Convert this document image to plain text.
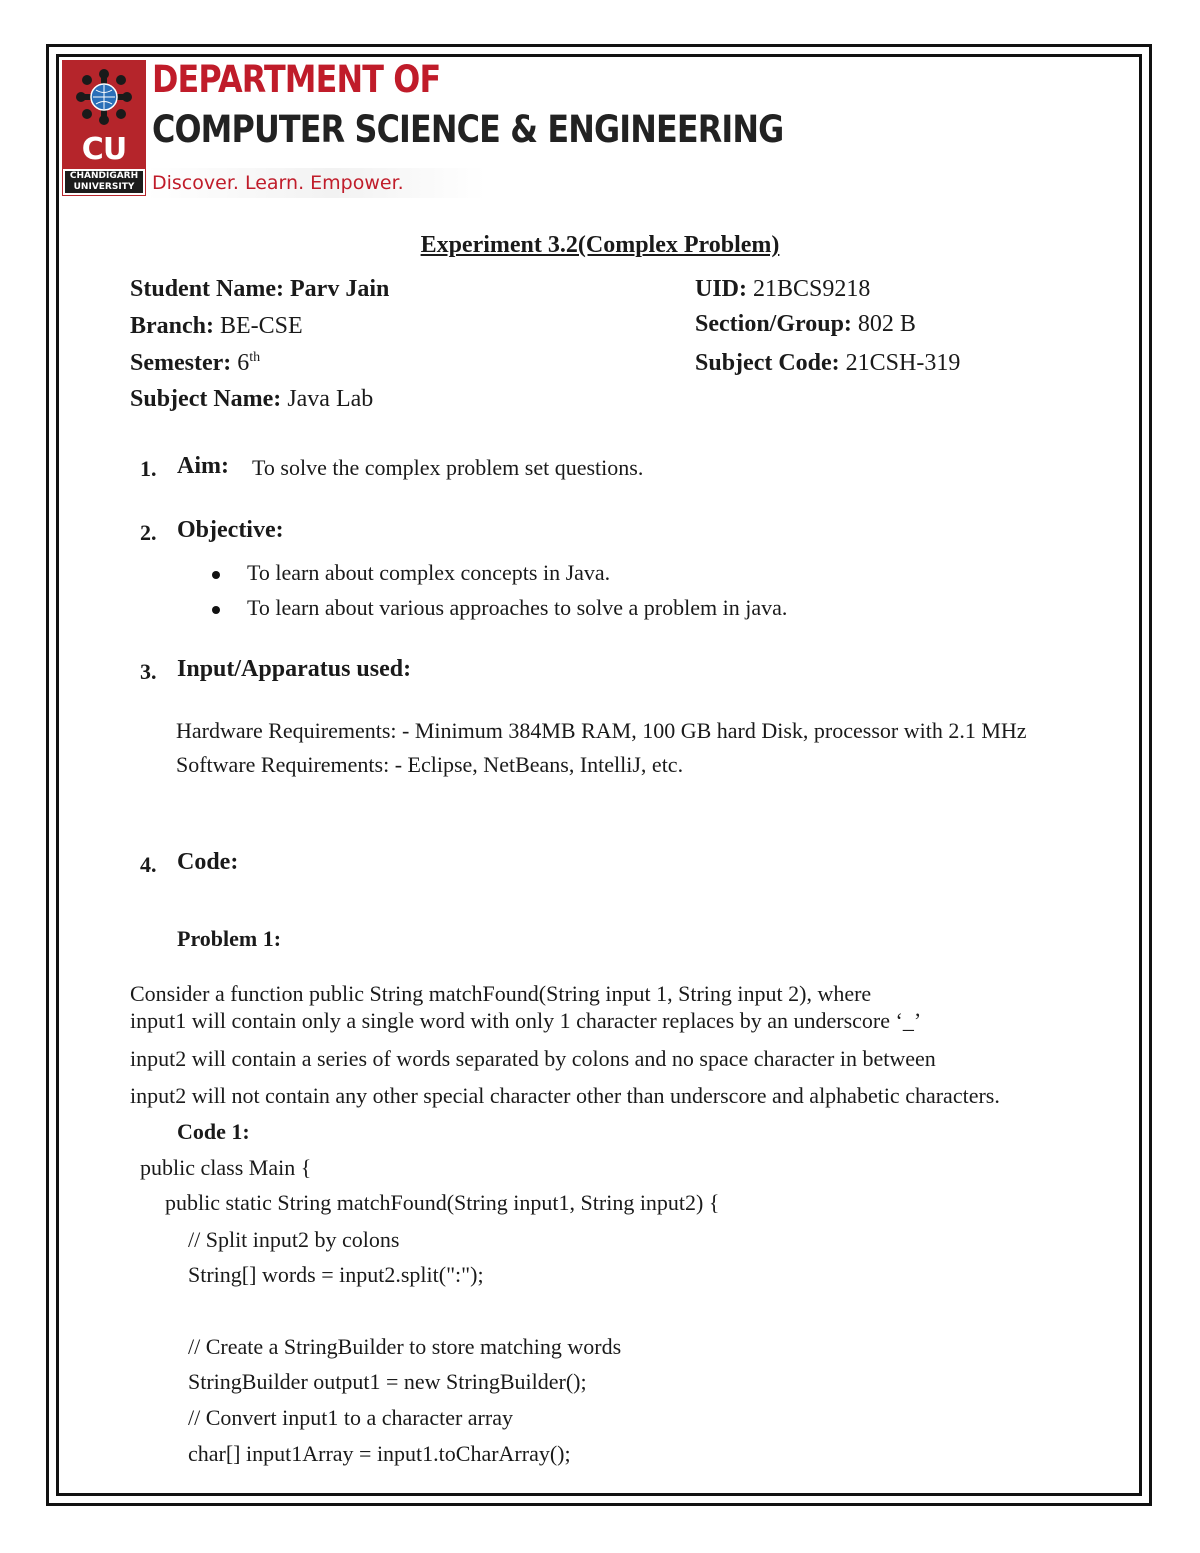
CU
CHANDIGARH
UNIVERSITY
DEPARTMENT OF
COMPUTER SCIENCE & ENGINEERING
Discover. Learn. Empower.
Experiment 3.2(Complex Problem)
Student Name: Parv Jain	UID: 21BCS9218
Branch: BE-CSE	Section/Group: 802 B
Semester: 6th	Subject Code: 21CSH-319
Subject Name: Java Lab
1. Aim: To solve the complex problem set questions.
2. Objective:
To learn about complex concepts in Java.
To learn about various approaches to solve a problem in java.
3. Input/Apparatus used:
Hardware Requirements: - Minimum 384MB RAM, 100 GB hard Disk, processor with 2.1 MHz
Software Requirements: - Eclipse, NetBeans, IntelliJ, etc.
4. Code:
Problem 1:
Consider a function public String matchFound(String input 1, String input 2), where
input1 will contain only a single word with only 1 character replaces by an underscore ‘_’
input2 will contain a series of words separated by colons and no space character in between
input2 will not contain any other special character other than underscore and alphabetic characters.
Code 1:
public class Main {
public static String matchFound(String input1, String input2) {
// Split input2 by colons
String[] words = input2.split(":");
// Create a StringBuilder to store matching words
StringBuilder output1 = new StringBuilder();
// Convert input1 to a character array
char[] input1Array = input1.toCharArray();
